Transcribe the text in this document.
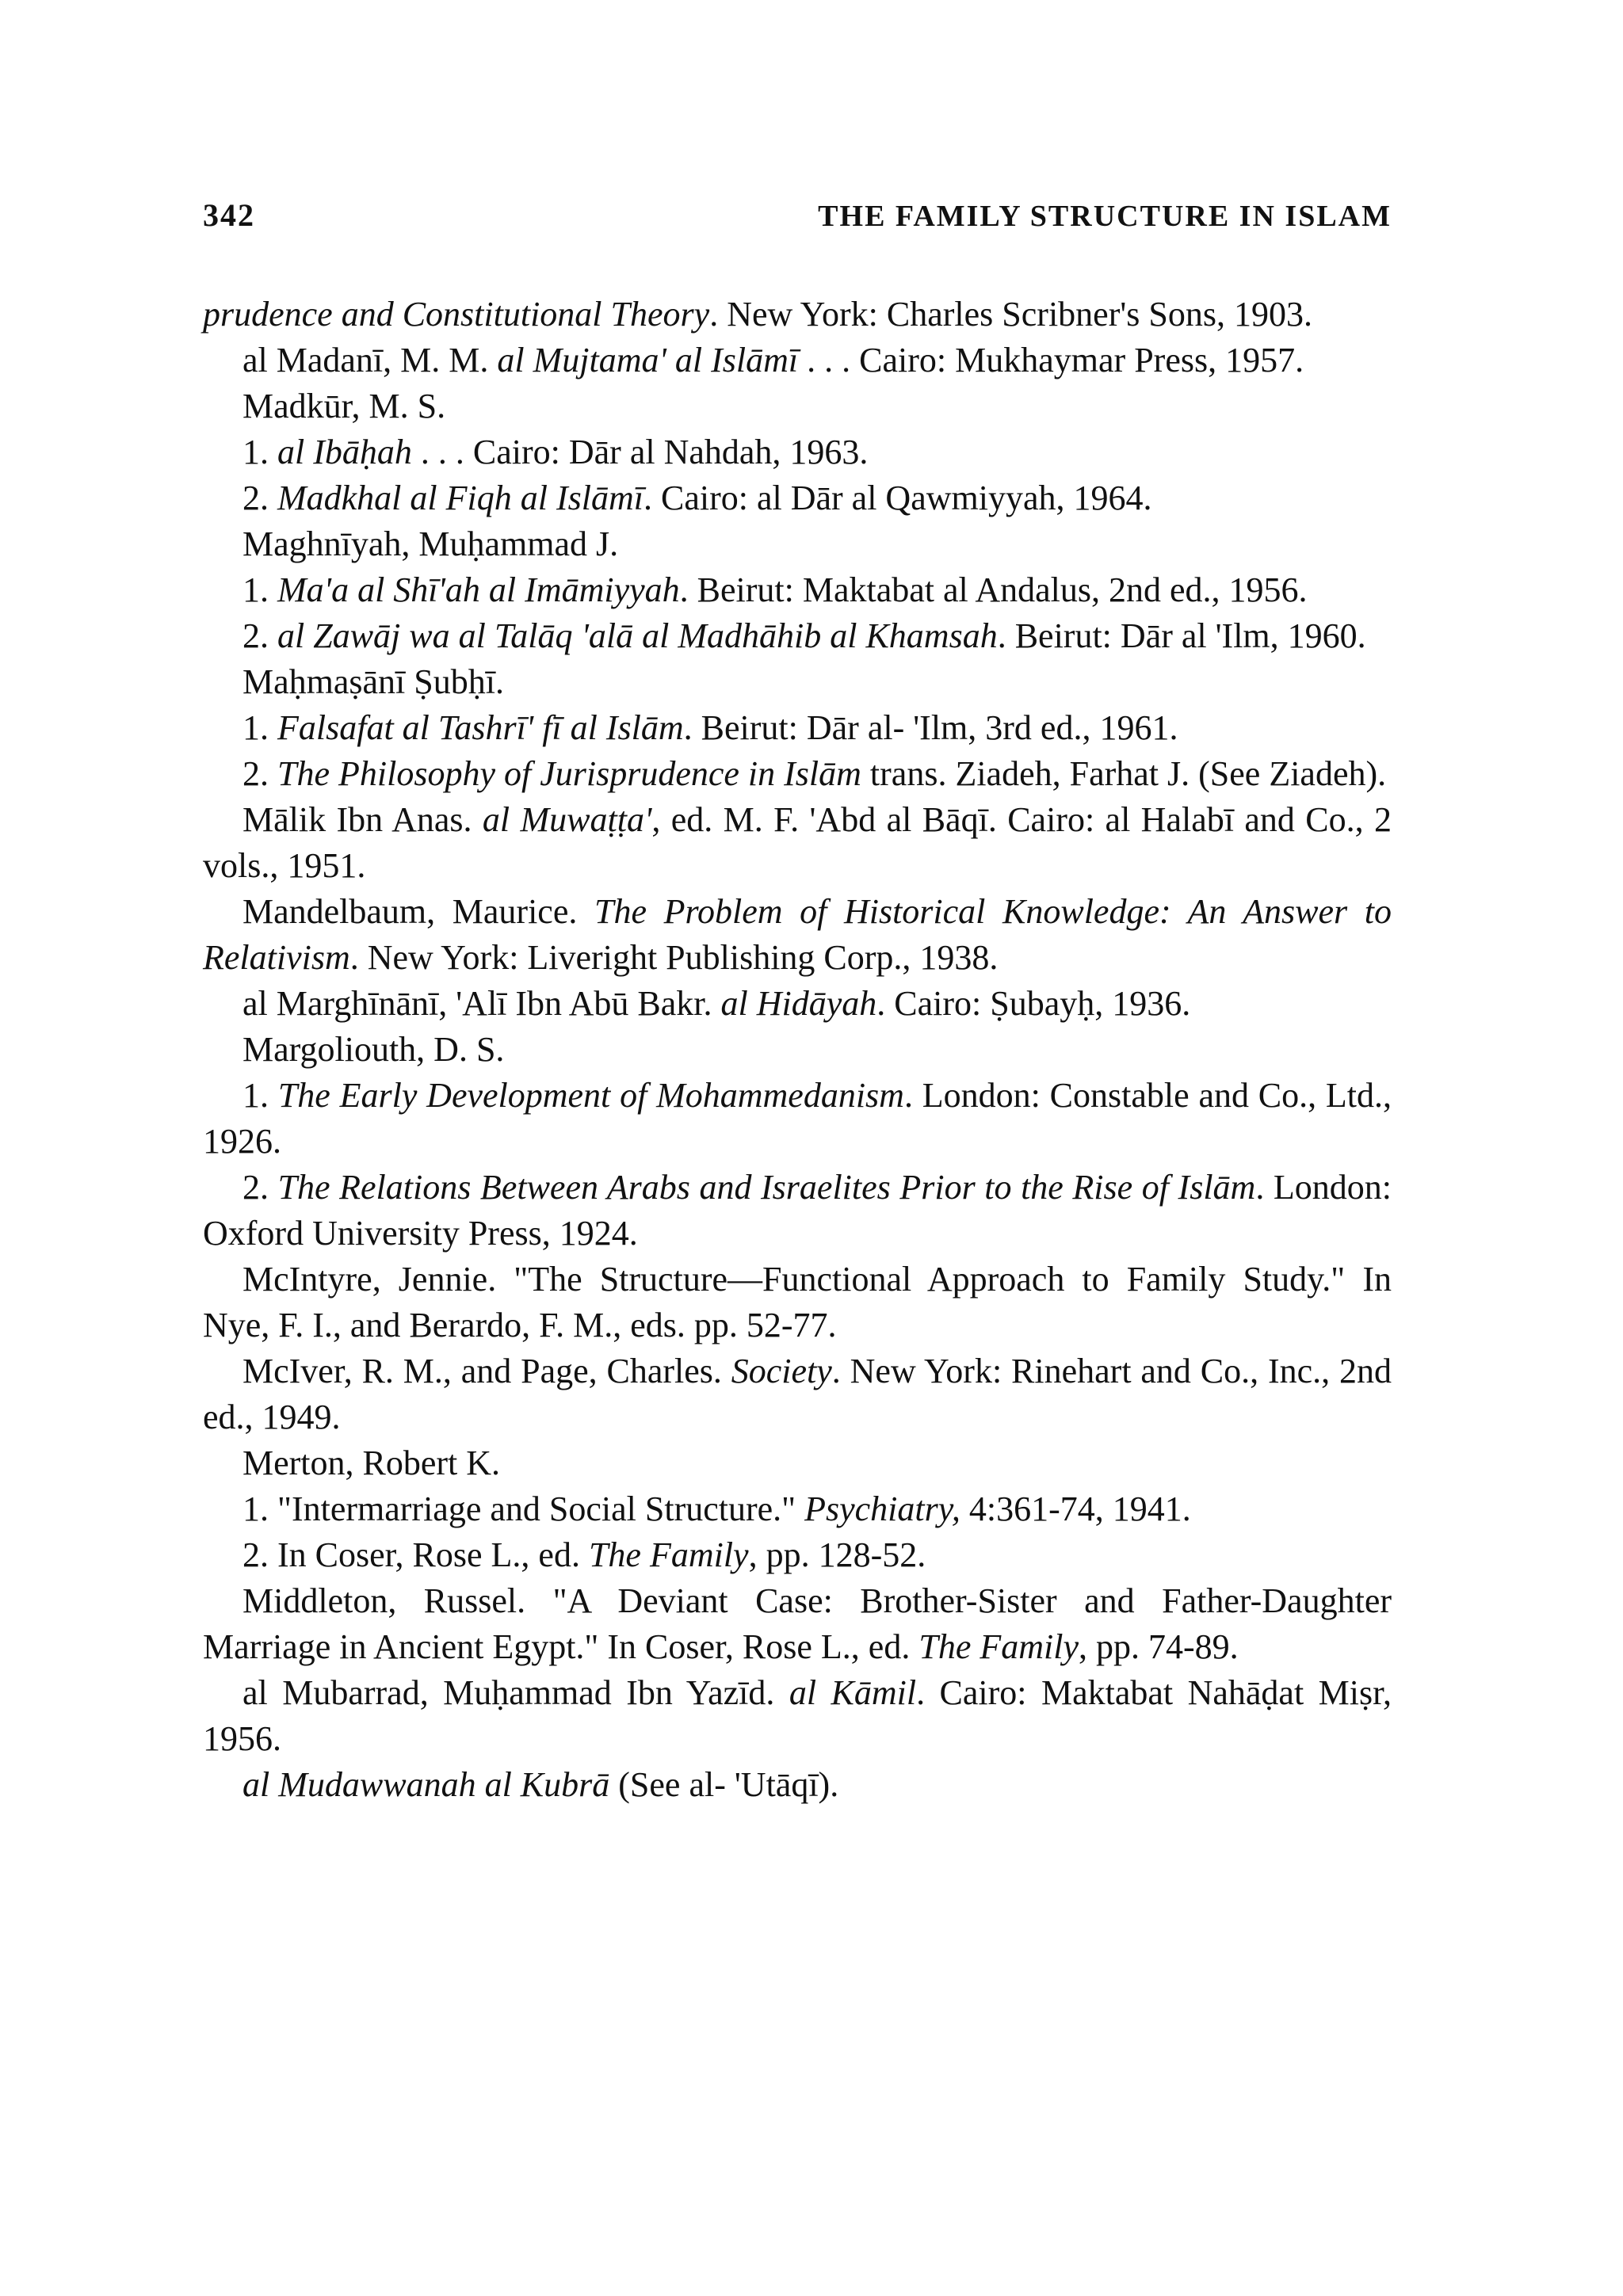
342	THE FAMILY STRUCTURE IN ISLAM

prudence and Constitutional Theory. New York: Charles Scribner's Sons, 1903.

al Madanī, M. M. al Mujtama' al Islāmī . . . Cairo: Mukhaymar Press, 1957.

Madkūr, M. S.

1. al Ibāḥah . . . Cairo: Dār al Nahdah, 1963.

2. Madkhal al Fiqh al Islāmī. Cairo: al Dār al Qawmiyyah, 1964.

Maghnīyah, Muḥammad J.

1. Ma'a al Shī'ah al Imāmiyyah. Beirut: Maktabat al Andalus, 2nd ed., 1956.

2. al Zawāj wa al Talāq 'alā al Madhāhib al Khamsah. Beirut: Dār al 'Ilm, 1960.

Maḥmaṣānī Ṣubḥī.

1. Falsafat al Tashrī' fī al Islām. Beirut: Dār al- 'Ilm, 3rd ed., 1961.

2. The Philosophy of Jurisprudence in Islām trans. Ziadeh, Farhat J. (See Ziadeh).

Mālik Ibn Anas. al Muwaṭṭa', ed. M. F. 'Abd al Bāqī. Cairo: al Halabī and Co., 2 vols., 1951.

Mandelbaum, Maurice. The Problem of Historical Knowledge: An Answer to Relativism. New York: Liveright Publishing Corp., 1938.

al Marghīnānī, 'Alī Ibn Abū Bakr. al Hidāyah. Cairo: Ṣubayḥ, 1936.

Margoliouth, D. S.

1. The Early Development of Mohammedanism. London: Constable and Co., Ltd., 1926.

2. The Relations Between Arabs and Israelites Prior to the Rise of Islām. London: Oxford University Press, 1924.

McIntyre, Jennie. "The Structure—Functional Approach to Family Study." In Nye, F. I., and Berardo, F. M., eds. pp. 52-77.

McIver, R. M., and Page, Charles. Society. New York: Rinehart and Co., Inc., 2nd ed., 1949.

Merton, Robert K.

1. "Intermarriage and Social Structure." Psychiatry, 4:361-74, 1941.

2. In Coser, Rose L., ed. The Family, pp. 128-52.

Middleton, Russel. "A Deviant Case: Brother-Sister and Father-Daughter Marriage in Ancient Egypt." In Coser, Rose L., ed. The Family, pp. 74-89.

al Mubarrad, Muḥammad Ibn Yazīd. al Kāmil. Cairo: Maktabat Nahāḍat Miṣr, 1956.

al Mudawwanah al Kubrā (See al- 'Utāqī).
